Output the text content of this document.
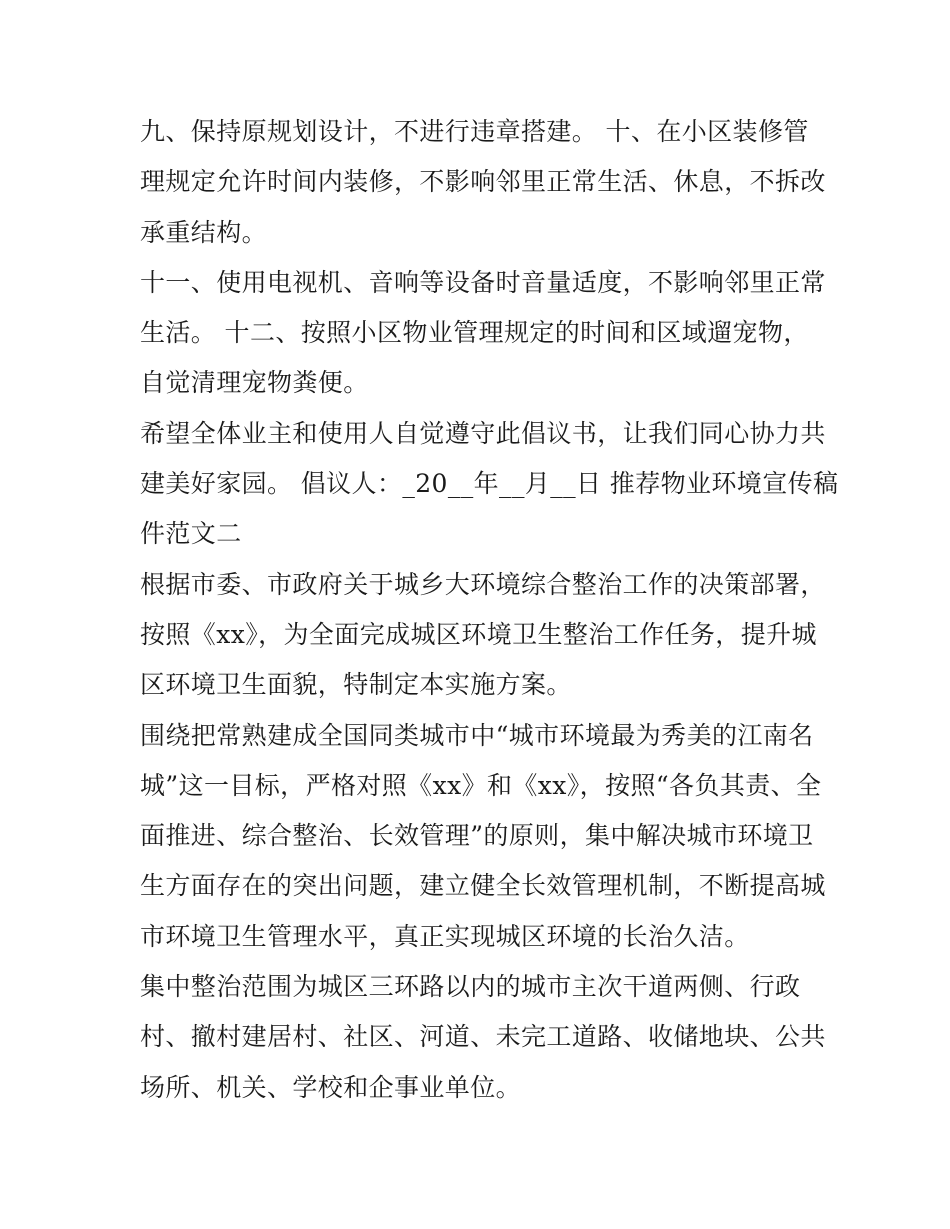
九、保持原规划设计，不进行违章搭建。 十、在小区装修管
理规定允许时间内装修，不影响邻里正常生活、休息，不拆改
承重结构。
十一、使用电视机、音响等设备时音量适度，不影响邻里正常
生活。 十二、按照小区物业管理规定的时间和区域遛宠物，
自觉清理宠物粪便。
希望全体业主和使用人自觉遵守此倡议书，让我们同心协力共
建美好家园。 倡议人：_20__年__月__日 推荐物业环境宣传稿
件范文二
根据市委、市政府关于城乡大环境综合整治工作的决策部署，
按照《xx》，为全面完成城区环境卫生整治工作任务，提升城
区环境卫生面貌，特制定本实施方案。
围绕把常熟建成全国同类城市中“城市环境最为秀美的江南名
城”这一目标，严格对照《xx》和《xx》，按照“各负其责、全
面推进、综合整治、长效管理”的原则，集中解决城市环境卫
生方面存在的突出问题，建立健全长效管理机制，不断提高城
市环境卫生管理水平，真正实现城区环境的长治久洁。
集中整治范围为城区三环路以内的城市主次干道两侧、行政
村、撤村建居村、社区、河道、未完工道路、收储地块、公共
场所、机关、学校和企事业单位。
